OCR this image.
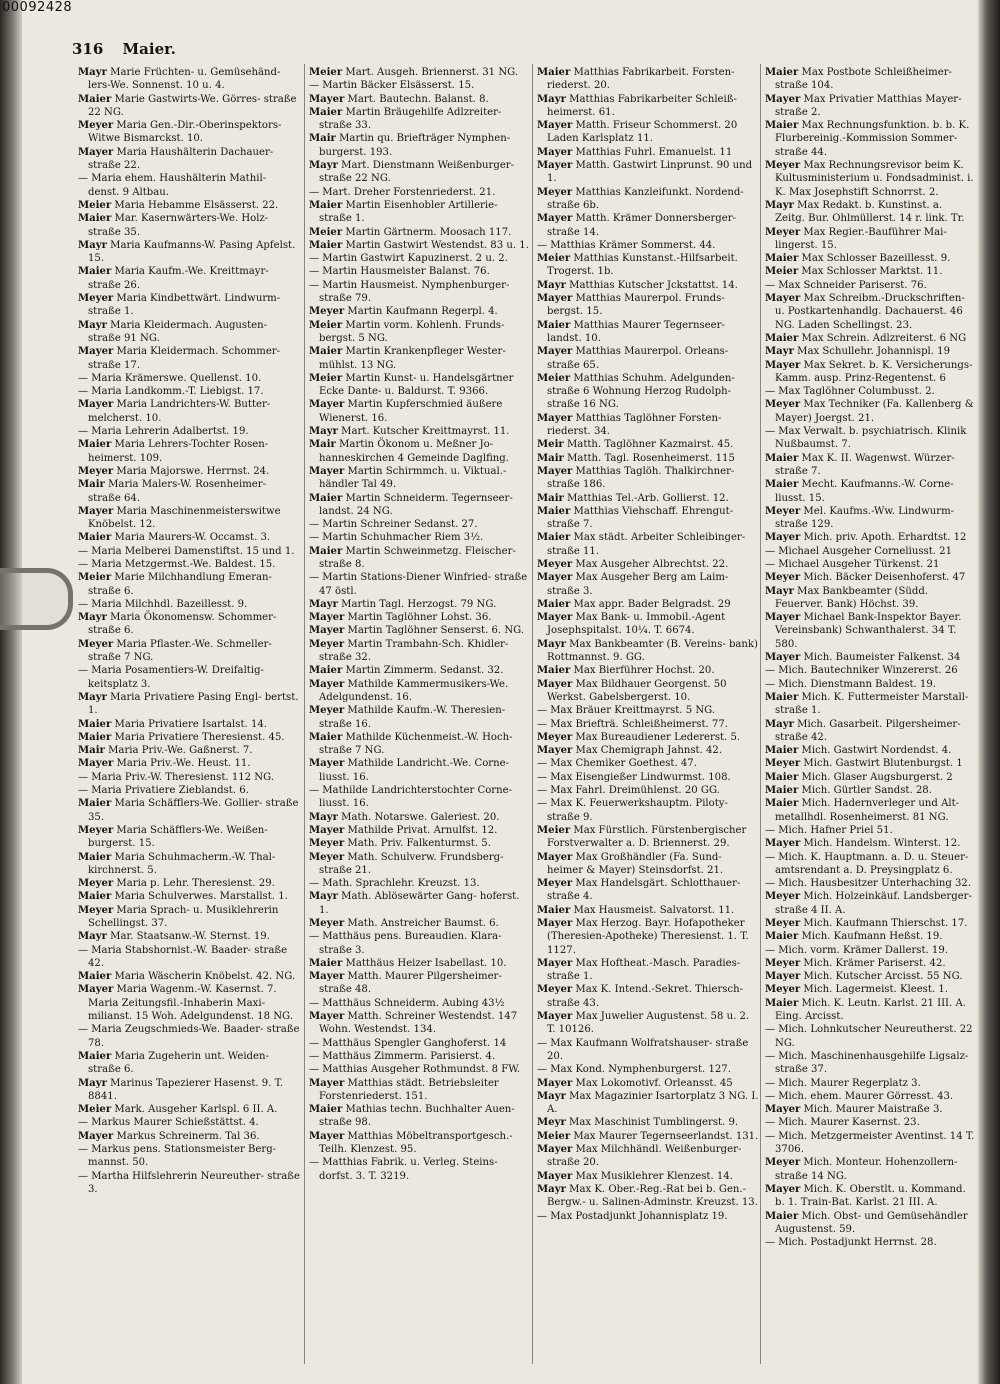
00092428
316 Maier.
Mayr Marie Früchten- u. Gemüsehänd- lers-We. Sonnenst. 10 u. 4.
Maier Marie Gastwirts-We. Görres- straße 22 NG.
Meyer Maria Gen.-Dir.-Oberinspektors- Witwe Bismarckst. 10.
Mayer Maria Haushälterin Dachauer- straße 22.
— Maria ehem. Haushälterin Mathil- denst. 9 Altbau.
Meier Maria Hebamme Elsässerst. 22.
Maier Mar. Kasernwärters-We. Holz- straße 35.
Mayr Maria Kaufmanns-W. Pasing Apfelst. 15.
Maier Maria Kaufm.-We. Kreittmayr- straße 26.
Meyer Maria Kindbettwärt. Lindwurm- straße 1.
Mayr Maria Kleidermach. Augusten- straße 91 NG.
Mayer Maria Kleidermach. Schommer- straße 17.
— Maria Krämerswe. Quellenst. 10.
— Maria Landkomm.-T. Liebigst. 17.
Mayer Maria Landrichters-W. Butter- melcherst. 10.
— Maria Lehrerin Adalbertst. 19.
Maier Maria Lehrers-Tochter Rosen- heimerst. 109.
Meyer Maria Majorswe. Herrnst. 24.
Mair Maria Malers-W. Rosenheimer- straße 64.
Mayer Maria Maschinenmeisterswitwe Knöbelst. 12.
Maier Maria Maurers-W. Occamst. 3.
— Maria Melberei Damenstiftst. 15 und 1.
— Maria Metzgermst.-We. Baldest. 15.
Meier Marie Milchhandlung Emeran- straße 6.
— Maria Milchhdl. Bazeillesst. 9.
Mayr Maria Ökonomensw. Schommer- straße 6.
Meyer Maria Pflaster.-We. Schmeller- straße 7 NG.
— Maria Posamentiers-W. Dreifaltig- keitsplatz 3.
Mayr Maria Privatiere Pasing Engl- bertst. 1.
Maier Maria Privatiere Isartalst. 14.
Maier Maria Privatiere Theresienst. 45.
Mair Maria Priv.-We. Gaßnerst. 7.
Mayer Maria Priv.-We. Heust. 11.
— Maria Priv.-W. Theresienst. 112 NG.
— Maria Privatiere Zieblandst. 6.
Maier Maria Schäfflers-We. Gollier- straße 35.
Meyer Maria Schäfflers-We. Weißen- burgerst. 15.
Maier Maria Schuhmacherm.-W. Thal- kirchnerst. 5.
Meyer Maria p. Lehr. Theresienst. 29.
Maier Maria Schulverwes. Marstallst. 1.
Meyer Maria Sprach- u. Musiklehrerin Schellingst. 37.
Mayr Mar. Staatsanw.-W. Sternst. 19.
— Maria Stabshornist.-W. Baader- straße 42.
Maier Maria Wäscherin Knöbelst. 42. NG.
Mayer Maria Wagenm.-W. Kasernst. 7. Maria Zeitungsfil.-Inhaberin Maxi- milianst. 15 Woh. Adelgundenst. 18 NG.
— Maria Zeugschmieds-We. Baader- straße 78.
Maier Maria Zugeherin unt. Weiden- straße 6.
Mayr Marinus Tapezierer Hasenst. 9. T. 8841.
Meier Mark. Ausgeher Karlspl. 6 II. A.
— Markus Maurer Schießstättst. 4.
Mayer Markus Schreinerm. Tal 36.
— Markus pens. Stationsmeister Berg- mannst. 50.
— Martha Hilfslehrerin Neureuther- straße 3.
Meier Mart. Ausgeh. Briennerst. 31 NG.
— Martin Bäcker Elsässerst. 15.
Mayer Mart. Bautechn. Balanst. 8.
Maier Martin Bräugehilfe Adlzreiter- straße 33.
Mair Martin qu. Briefträger Nymphen- burgerst. 193.
Mayr Mart. Dienstmann Weißenburger- straße 22 NG.
— Mart. Dreher Forstenriederst. 21.
Maier Martin Eisenhobler Artillerie- straße 1.
Meier Martin Gärtnerm. Moosach 117.
Maier Martin Gastwirt Westendst. 83 u. 1.
— Martin Gastwirt Kapuzinerst. 2 u. 2.
— Martin Hausmeister Balanst. 76.
— Martin Hausmeist. Nymphenburger- straße 79.
Meyer Martin Kaufmann Regerpl. 4.
Meier Martin vorm. Kohlenh. Frunds- bergst. 5 NG.
Maier Martin Krankenpfleger Wester- mühlst. 13 NG.
Meier Martin Kunst- u. Handelsgärtner Ecke Dante- u. Baldurst. T. 9366.
Mayer Martin Kupferschmied äußere Wienerst. 16.
Mayr Mart. Kutscher Kreittmayrst. 11.
Mair Martin Ökonom u. Meßner Jo- hanneskirchen 4 Gemeinde Daglfing.
Mayer Martin Schirmmch. u. Viktual.- händler Tal 49.
Maier Martin Schneiderm. Tegernseer- landst. 24 NG.
— Martin Schreiner Sedanst. 27.
— Martin Schuhmacher Riem 3½.
Maier Martin Schweinmetzg. Fleischer- straße 8.
— Martin Stations-Diener Winfried- straße 47 östl.
Mayr Martin Tagl. Herzogst. 79 NG.
Mayer Martin Taglöhner Lohst. 36.
Mayer Martin Taglöhner Senserst. 6. NG.
Meyer Martin Trambahn-Sch. Khidler- straße 32.
Maier Martin Zimmerm. Sedanst. 32.
Mayer Mathilde Kammermusikers-We. Adelgundenst. 16.
Meyer Mathilde Kaufm.-W. Theresien- straße 16.
Maier Mathilde Küchenmeist.-W. Hoch- straße 7 NG.
Mayer Mathilde Landricht.-We. Corne- liusst. 16.
— Mathilde Landrichterstochter Corne- liusst. 16.
Mayr Math. Notarswe. Galeriest. 20.
Mayer Mathilde Privat. Arnulfst. 12.
Meyer Math. Priv. Falkenturmst. 5.
Meyer Math. Schulverw. Frundsberg- straße 21.
— Math. Sprachlehr. Kreuzst. 13.
Mayr Math. Ablösewärter Gang- hoferst. 1.
Meyer Math. Anstreicher Baumst. 6.
— Matthäus pens. Bureaudien. Klara- straße 3.
Maier Matthäus Heizer Isabellast. 10.
Mayer Matth. Maurer Pilgersheimer- straße 48.
— Matthäus Schneiderm. Aubing 43½
Mayer Matth. Schreiner Westendst. 147 Wohn. Westendst. 134.
— Matthäus Spengler Ganghoferst. 14
— Matthäus Zimmerm. Parisierst. 4.
— Matthias Ausgeher Rothmundst. 8 FW.
Mayer Matthias städt. Betriebsleiter Forstenriederst. 151.
Maier Mathias techn. Buchhalter Auen- straße 98.
Mayer Matthias Möbeltransportgesch.- Teilh. Klenzest. 95.
— Matthias Fabrik. u. Verleg. Steins- dorfst. 3. T. 3219.
Maier Matthias Fabrikarbeit. Forsten- riederst. 20.
Mayr Matthias Fabrikarbeiter Schleiß- heimerst. 61.
Mayer Matth. Friseur Schommerst. 20 Laden Karlsplatz 11.
Mayer Matthias Fuhrl. Emanuelst. 11
Mayer Matth. Gastwirt Linprunst. 90 und 1.
Meyer Matthias Kanzleifunkt. Nordend- straße 6b.
Mayer Matth. Krämer Donnersberger- straße 14.
— Matthias Krämer Sommerst. 44.
Meier Matthias Kunstanst.-Hilfsarbeit. Trogerst. 1b.
Mayr Matthias Kutscher Jckstattst. 14.
Mayer Matthias Maurerpol. Frunds- bergst. 15.
Maier Matthias Maurer Tegernseer- landst. 10.
Mayer Matthias Maurerpol. Orleans- straße 65.
Meier Matthias Schuhm. Adelgunden- straße 6 Wohnung Herzog Rudolph- straße 16 NG.
Mayer Matthias Taglöhner Forsten- riederst. 34.
Meir Matth. Taglöhner Kazmairst. 45.
Mair Matth. Tagl. Rosenheimerst. 115
Mayer Matthias Taglöh. Thalkirchner- straße 186.
Mair Matthias Tel.-Arb. Gollierst. 12.
Maier Matthias Viehschaff. Ehrengut- straße 7.
Maier Max städt. Arbeiter Schleibinger- straße 11.
Meyer Max Ausgeher Albrechtst. 22.
Mayer Max Ausgeher Berg am Laim- straße 3.
Maier Max appr. Bader Belgradst. 29
Mayer Max Bank- u. Immobil.-Agent Josephspitalst. 10¼. T. 6674.
Mayr Max Bankbeamter (B. Vereins- bank) Rottmannst. 9. GG.
Maier Max Bierführer Hochst. 20.
Mayer Max Bildhauer Georgenst. 50 Werkst. Gabelsbergerst. 10.
— Max Bräuer Kreittmayrst. 5 NG.
— Max Briefträ. Schleißheimerst. 77.
Meyer Max Bureaudiener Ledererst. 5.
Mayer Max Chemigraph Jahnst. 42.
— Max Chemiker Goethest. 47.
— Max Eisengießer Lindwurmst. 108.
— Max Fahrl. Dreimühlenst. 20 GG.
— Max K. Feuerwerkshauptm. Piloty- straße 9.
Meier Max Fürstlich. Fürstenbergischer Forstverwalter a. D. Briennerst. 29.
Mayer Max Großhändler (Fa. Sund- heimer & Mayer) Steinsdorfst. 21.
Meyer Max Handelsgärt. Schlotthauer- straße 4.
Maier Max Hausmeist. Salvatorst. 11.
Mayer Max Herzog. Bayr. Hofapotheker (Theresien-Apotheke) Theresienst. 1. T. 1127.
Mayer Max Hoftheat.-Masch. Paradies- straße 1.
Meyer Max K. Intend.-Sekret. Thiersch- straße 43.
Mayer Max Juwelier Augustenst. 58 u. 2. T. 10126.
— Max Kaufmann Wolfratshauser- straße 20.
— Max Kond. Nymphenburgerst. 127.
Mayer Max Lokomotivf. Orleansst. 45
Mayr Max Magazinier Isartorplatz 3 NG. I. A.
Meyr Max Maschinist Tumblingerst. 9.
Meier Max Maurer Tegernseerlandst. 131.
Mayer Max Milchhändl. Weißenburger- straße 20.
Mayer Max Musiklehrer Klenzest. 14.
Mayr Max K. Ober.-Reg.-Rat bei b. Gen.-Bergw.- u. Salinen-Adminstr. Kreuzst. 13.
— Max Postadjunkt Johannisplatz 19.
Maier Max Postbote Schleißheimer- straße 104.
Mayer Max Privatier Matthias Mayer- straße 2.
Maier Max Rechnungsfunktion. b. b. K. Flurbereinig.-Kommission Sommer- straße 44.
Meyer Max Rechnungsrevisor beim K. Kultusministerium u. Fondsadminist. i. K. Max Josephstift Schnorrst. 2.
Mayr Max Redakt. b. Kunstinst. a. Zeitg. Bur. Ohlmüllerst. 14 r. link. Tr.
Meyer Max Regier.-Bauführer Mai- lingerst. 15.
Maier Max Schlosser Bazeillesst. 9.
Meier Max Schlosser Marktst. 11.
— Max Schneider Pariserst. 76.
Mayer Max Schreibm.-Druckschriften- u. Postkartenhandlg. Dachauerst. 46 NG. Laden Schellingst. 23.
Maier Max Schrein. Adlzreiterst. 6 NG
Mayr Max Schullehr. Johannispl. 19
Mayer Max Sekret. b. K. Versicherungs- Kamm. ausp. Prinz-Regentenst. 6
— Max Taglöhner Columbusst. 2.
Meyer Max Techniker (Fa. Kallenberg & Mayer) Joergst. 21.
— Max Verwalt. b. psychiatrisch. Klinik Nußbaumst. 7.
Maier Max K. II. Wagenwst. Würzer- straße 7.
Maier Mecht. Kaufmanns.-W. Corne- liusst. 15.
Meyer Mel. Kaufms.-Ww. Lindwurm- straße 129.
Mayer Mich. priv. Apoth. Erhardtst. 12
— Michael Ausgeher Corneliusst. 21
— Michael Ausgeher Türkenst. 21
Meyer Mich. Bäcker Deisenhoferst. 47
Mayr Max Bankbeamter (Südd. Feuerver. Bank) Höchst. 39.
Mayer Michael Bank-Inspektor Bayer. Vereinsbank) Schwanthalerst. 34 T. 580.
Mayer Mich. Baumeister Falkenst. 34
— Mich. Bautechniker Winzererst. 26
— Mich. Dienstmann Baldest. 19.
Maier Mich. K. Futtermeister Marstall- straße 1.
Mayr Mich. Gasarbeit. Pilgersheimer- straße 42.
Maier Mich. Gastwirt Nordendst. 4.
Meyer Mich. Gastwirt Blutenburgst. 1
Maier Mich. Glaser Augsburgerst. 2
Maier Mich. Gürtler Sandst. 28.
Maier Mich. Hadernverleger und Alt- metallhdl. Rosenheimerst. 81 NG.
— Mich. Hafner Priel 51.
Mayer Mich. Handelsm. Winterst. 12.
— Mich. K. Hauptmann. a. D. u. Steuer- amtsrendant a. D. Preysingplatz 6.
— Mich. Hausbesitzer Unterhaching 32.
Meyer Mich. Holzeinkäuf. Landsberger- straße 4 II. A.
Meyer Mich. Kaufmann Thierschst. 17.
Maier Mich. Kaufmann Heßst. 19.
— Mich. vorm. Krämer Dallerst. 19.
Meyer Mich. Krämer Pariserst. 42.
Mayer Mich. Kutscher Arcisst. 55 NG.
Meyer Mich. Lagermeist. Kleest. 1.
Maier Mich. K. Leutn. Karlst. 21 III. A. Eing. Arcisst.
— Mich. Lohnkutscher Neureutherst. 22 NG.
— Mich. Maschinenhausgehilfe Ligsalz- straße 37.
— Mich. Maurer Regerplatz 3.
— Mich. ehem. Maurer Görresst. 43.
Mayer Mich. Maurer Maistraße 3.
— Mich. Maurer Kasernst. 23.
— Mich. Metzgermeister Aventinst. 14 T. 3706.
Meyer Mich. Monteur. Hohenzollern- straße 14 NG.
Mayer Mich. K. Oberstlt. u. Kommand. b. 1. Train-Bat. Karlst. 21 III. A.
Maier Mich. Obst- und Gemüsehändler Augustenst. 59.
— Mich. Postadjunkt Herrnst. 28.
